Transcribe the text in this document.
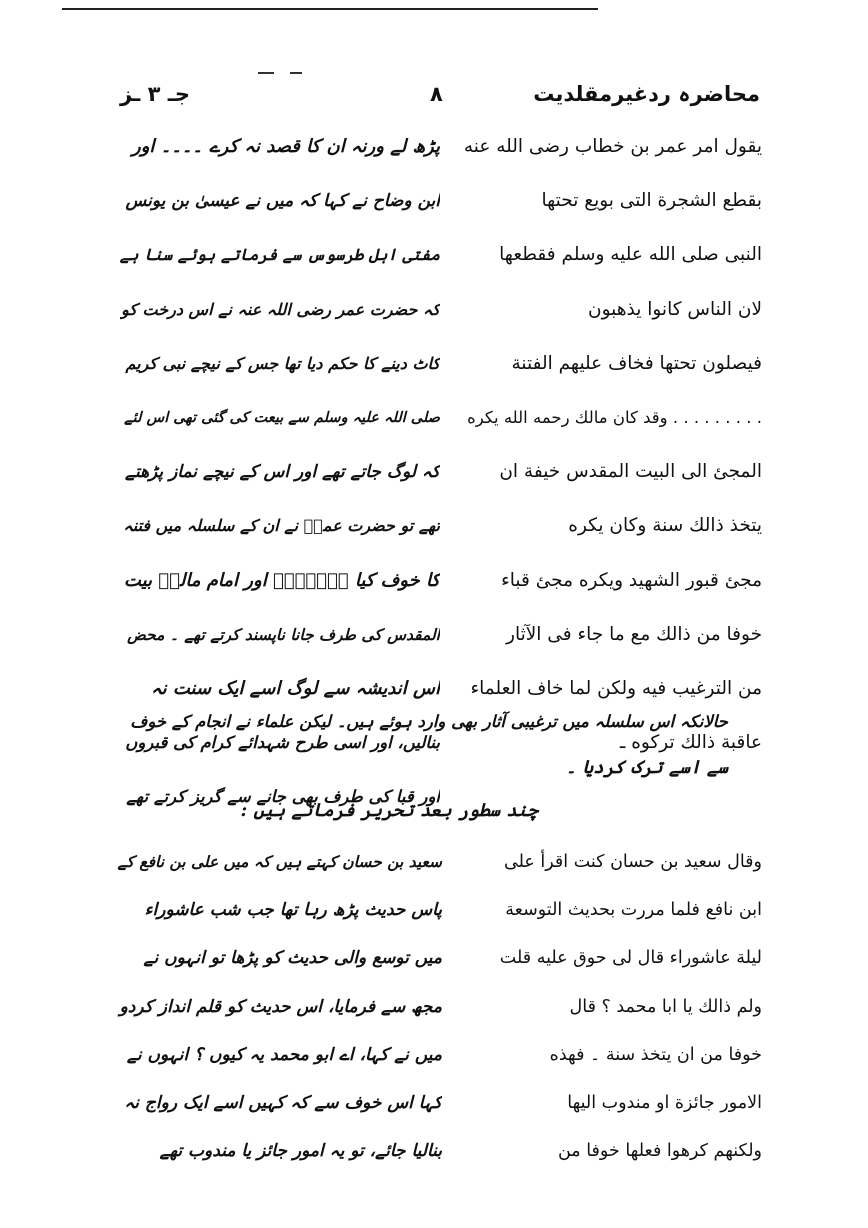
محاضرہ ردغیرمقلدیت
٨
جـ ۳ ـز
يقول امر عمر بن خطاب رضى الله عنه
بقطع الشجرة التى بويع تحتها
النبى صلى الله عليه وسلم فقطعها
لان الناس كانوا يذهبون
فيصلون تحتها فخاف عليهم الفتنة
. . . . . . . . . وقد كان مالك رحمه الله يكره
المجئ الى البيت المقدس خيفة ان
يتخذ ذالك سنة وكان يكره
مجئ قبور الشهيد ويكره مجئ قباء
خوفا من ذالك مع ما جاء فى الآثار
من الترغيب فيه ولكن لما خاف العلماء
عاقبة ذالك تركوه ـ
پڑھ لے ورنہ ان کا قصد نہ کرے ۔۔۔۔ اور
ابن وضاح نے کہا کہ میں نے عیسیٰ بن یونس
مفتی اہل طرسوس سے فرماتے ہوئے سنا ہے
کہ حضرت عمر رضی اللہ عنہ نے اس درخت کو
کاٹ دینے کا حکم دیا تھا جس کے نیچے نبی کریم
صلی اللہ علیہ وسلم سے بیعت کی گئی تھی اس لئے
کہ لوگ جاتے تھے اور اس کے نیچے نماز پڑھتے
تھے تو حضرت عمرؓ نے ان کے سلسلہ میں فتنہ
کا خوف کیا ۔۔۔۔۔۔۔ اور امام مالکؒ بیت
المقدس کی طرف جانا ناپسند کرتے تھے ۔ محض
اس اندیشہ سے لوگ اسے ایک سنت نہ
بنالیں، اور اسی طرح شہدائے کرام کی قبروں
اور قبا کی طرف بھی جانے سے گریز کرتے تھے
حالانکہ اس سلسلہ میں ترغیبی آثار بھی وارد ہوئے ہیں۔ لیکن علماء نے انجام کے خوف
سے اسے ترک کردیا ۔
چند سطور بعد تحریر فرماتے ہیں :
وقال سعيد بن حسان كنت اقرأ على
ابن نافع فلما مررت بحديث التوسعة
ليلة عاشوراء قال لى حوق عليه قلت
ولم ذالك يا ابا محمد ؟ قال
خوفا من ان يتخذ سنة ۔ فهذه
الامور جائزة او مندوب اليها
ولكنهم كرهوا فعلها خوفا من
سعید بن حسان کہتے ہیں کہ میں علی بن نافع کے
پاس حدیث پڑھ رہا تھا جب شب عاشوراء
میں توسع والی حدیث کو پڑھا تو انہوں نے
مجھ سے فرمایا، اس حدیث کو قلم انداز کردو
میں نے کہا، اے ابو محمد یہ کیوں ؟ انہوں نے
کہا اس خوف سے کہ کہیں اسے ایک رواج نہ
بنالیا جائے، تو یہ امور جائز یا مندوب تھے
